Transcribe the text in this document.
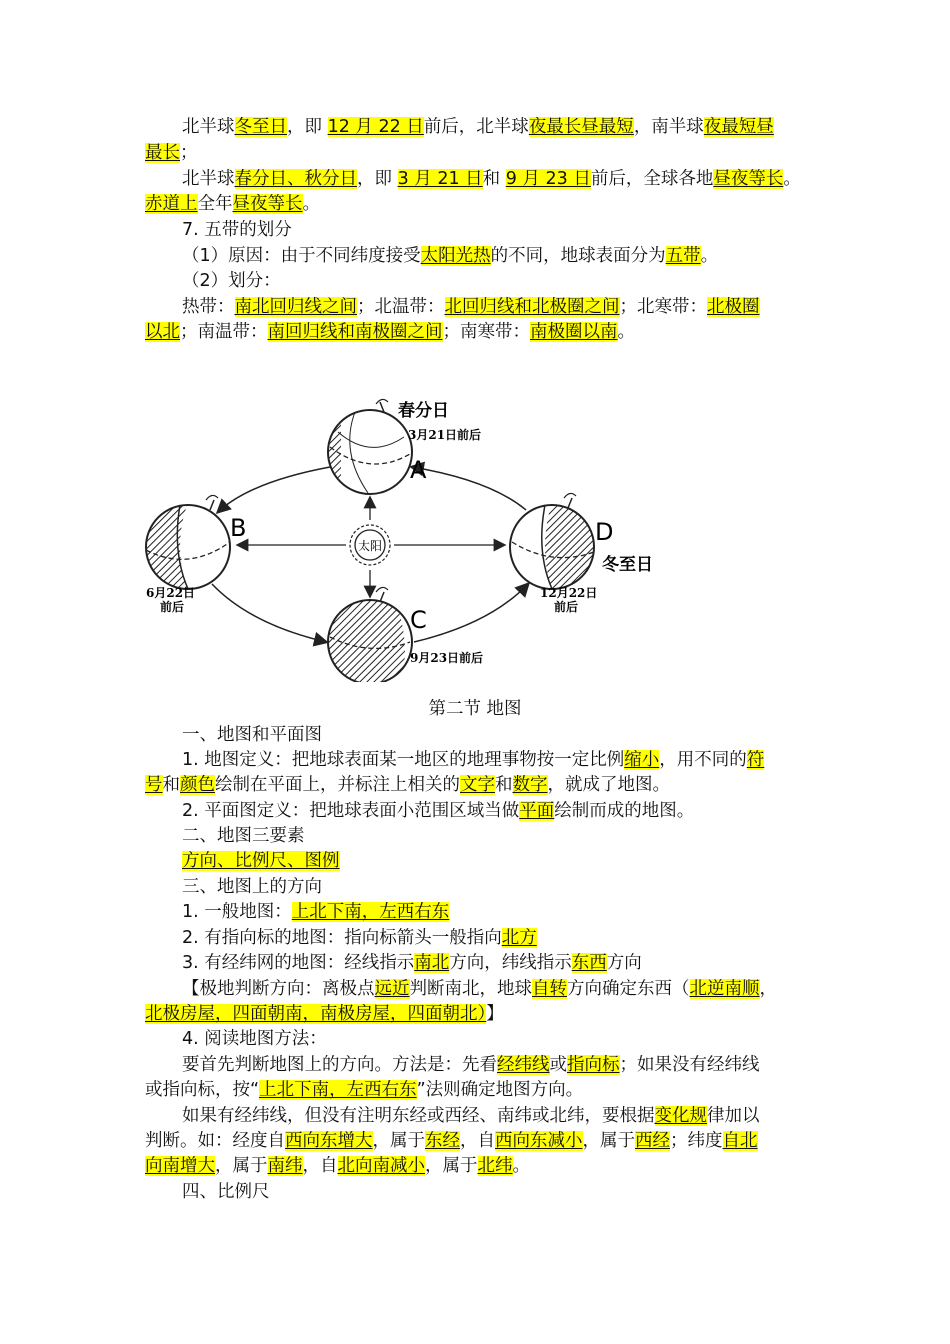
北半球冬至日，即 12 月 22 日前后，北半球夜最长昼最短，南半球夜最短昼
最长；
北半球春分日、秋分日，即 3 月 21 日和 9 月 23 日前后，全球各地昼夜等长。
赤道上全年昼夜等长。
7. 五带的划分
（1）原因：由于不同纬度接受太阳光热的不同，地球表面分为五带。
（2）划分：
热带：南北回归线之间；北温带：北回归线和北极圈之间；北寒带：北极圈
以北；南温带：南回归线和南极圈之间；南寒带：南极圈以南。
太阳
春分日
3月21日前后
A
B
6月22日
前后	C
9月23日前后
D
冬至日
12月22日
前后
第二节 地图
一、地图和平面图
1. 地图定义：把地球表面某一地区的地理事物按一定比例缩小，用不同的符
号和颜色绘制在平面上，并标注上相关的文字和数字，就成了地图。
2. 平面图定义：把地球表面小范围区域当做平面绘制而成的地图。
二、地图三要素
方向、比例尺、图例
三、地图上的方向
1. 一般地图：上北下南，左西右东
2. 有指向标的地图：指向标箭头一般指向北方
3. 有经纬网的地图：经线指示南北方向，纬线指示东西方向
【极地判断方向：离极点远近判断南北，地球自转方向确定东西（北逆南顺，
北极房屋，四面朝南，南极房屋，四面朝北）】
4. 阅读地图方法：
要首先判断地图上的方向。方法是：先看经纬线或指向标；如果没有经纬线
或指向标，按“上北下南，左西右东”法则确定地图方向。
如果有经纬线，但没有注明东经或西经、南纬或北纬，要根据变化规律加以
判断。如：经度自西向东增大，属于东经，自西向东减小，属于西经；纬度自北
向南增大，属于南纬，自北向南减小，属于北纬。
四、比例尺
